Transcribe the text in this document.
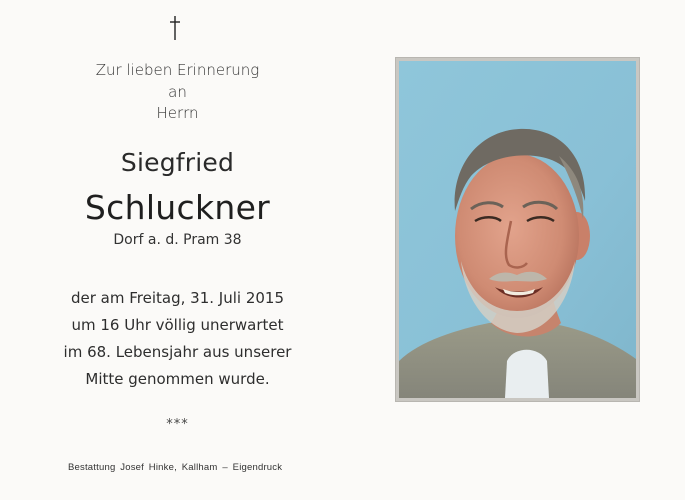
Zur lieben Erinnerung
an
Herrn
Siegfried
Schluckner
Dorf a. d. Pram 38
der am Freitag, 31. Juli 2015
um 16 Uhr völlig unerwartet
im 68. Lebensjahr aus unserer
Mitte genommen wurde.
***
Bestattung Josef Hinke, Kallham – Eigendruck
